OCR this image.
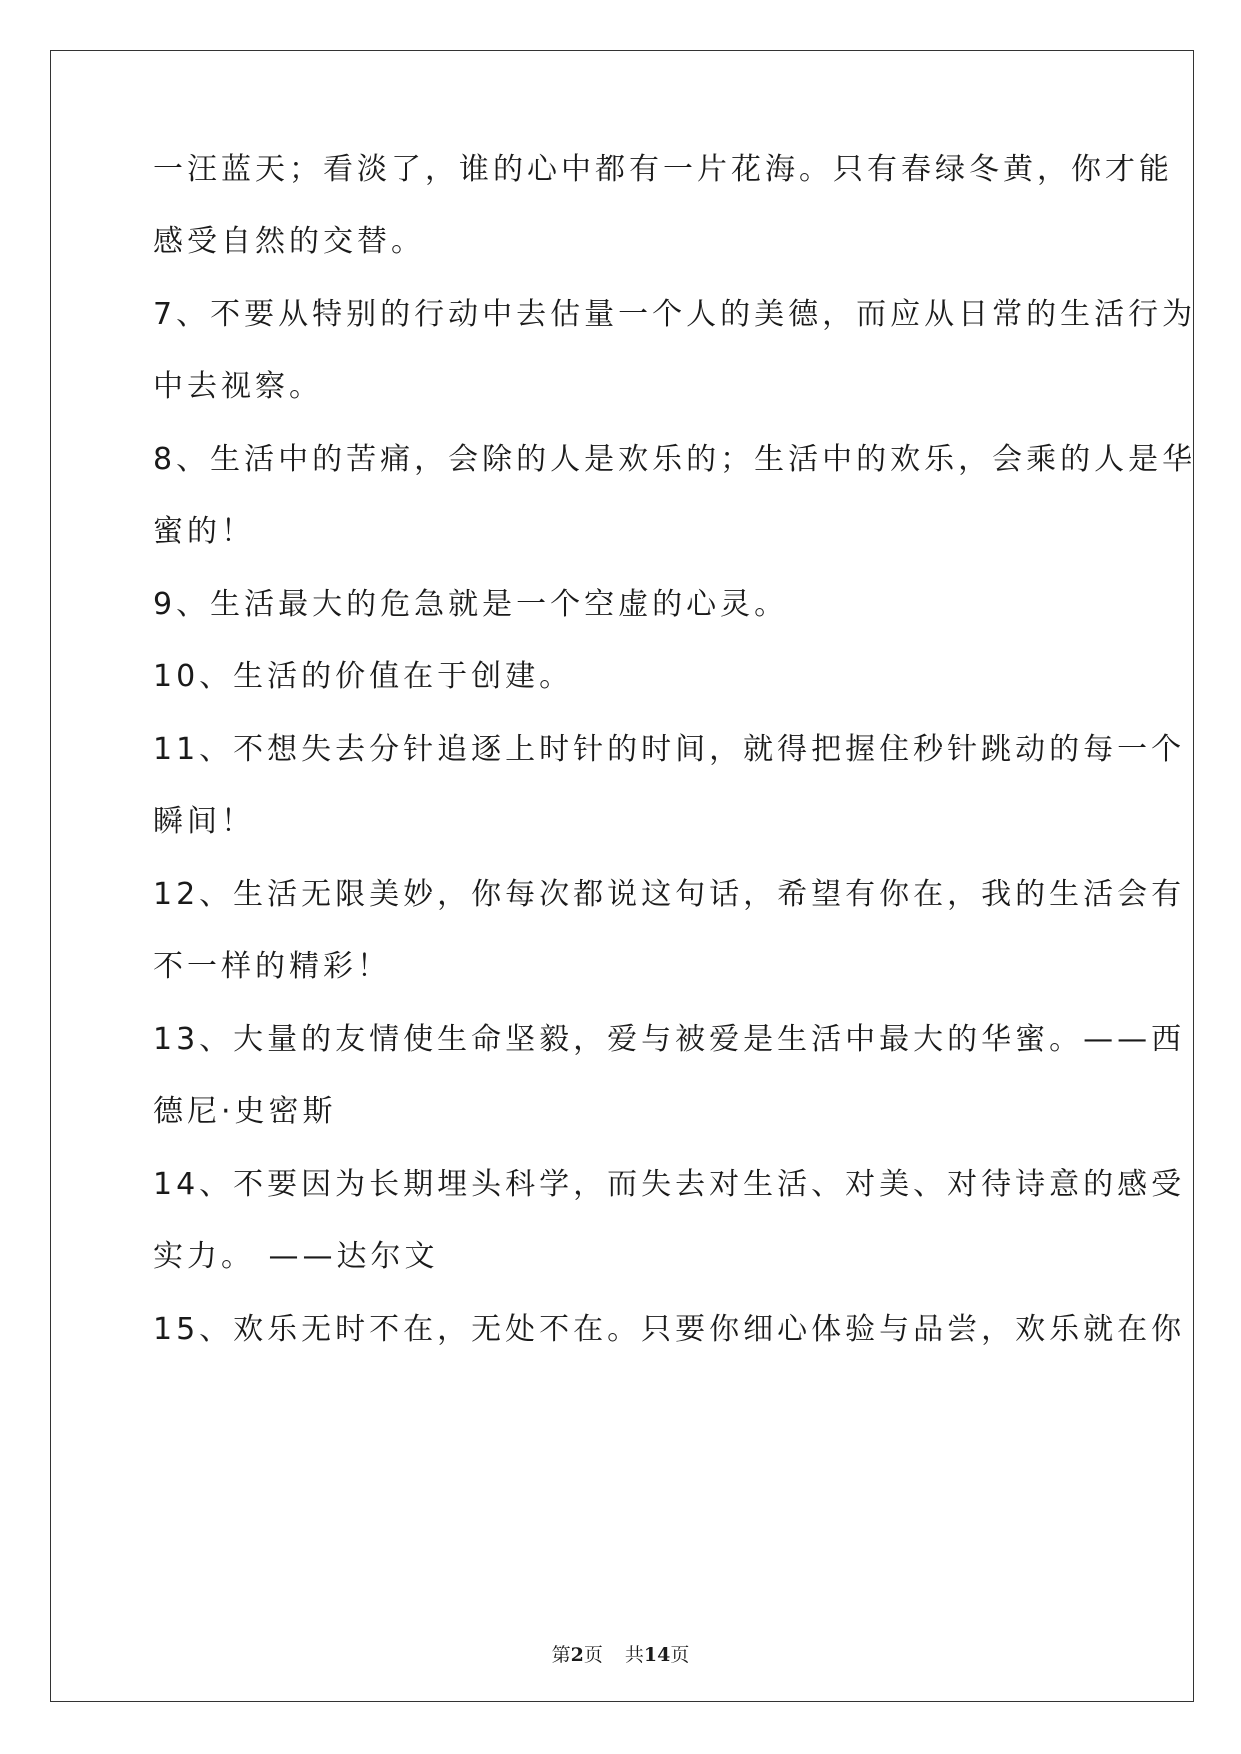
一汪蓝天；看淡了，谁的心中都有一片花海。只有春绿冬黄，你才能
感受自然的交替。
7、不要从特别的行动中去估量一个人的美德，而应从日常的生活行为
中去视察。
8、生活中的苦痛，会除的人是欢乐的；生活中的欢乐，会乘的人是华
蜜的！
9、生活最大的危急就是一个空虚的心灵。
10、生活的价值在于创建。
11、不想失去分针追逐上时针的时间，就得把握住秒针跳动的每一个
瞬间！
12、生活无限美妙，你每次都说这句话，希望有你在，我的生活会有
不一样的精彩！
13、大量的友情使生命坚毅，爱与被爱是生活中最大的华蜜。——西
德尼·史密斯
14、不要因为长期埋头科学，而失去对生活、对美、对待诗意的感受
实力。 ——达尔文
15、欢乐无时不在，无处不在。只要你细心体验与品尝，欢乐就在你
第2页 共14页
